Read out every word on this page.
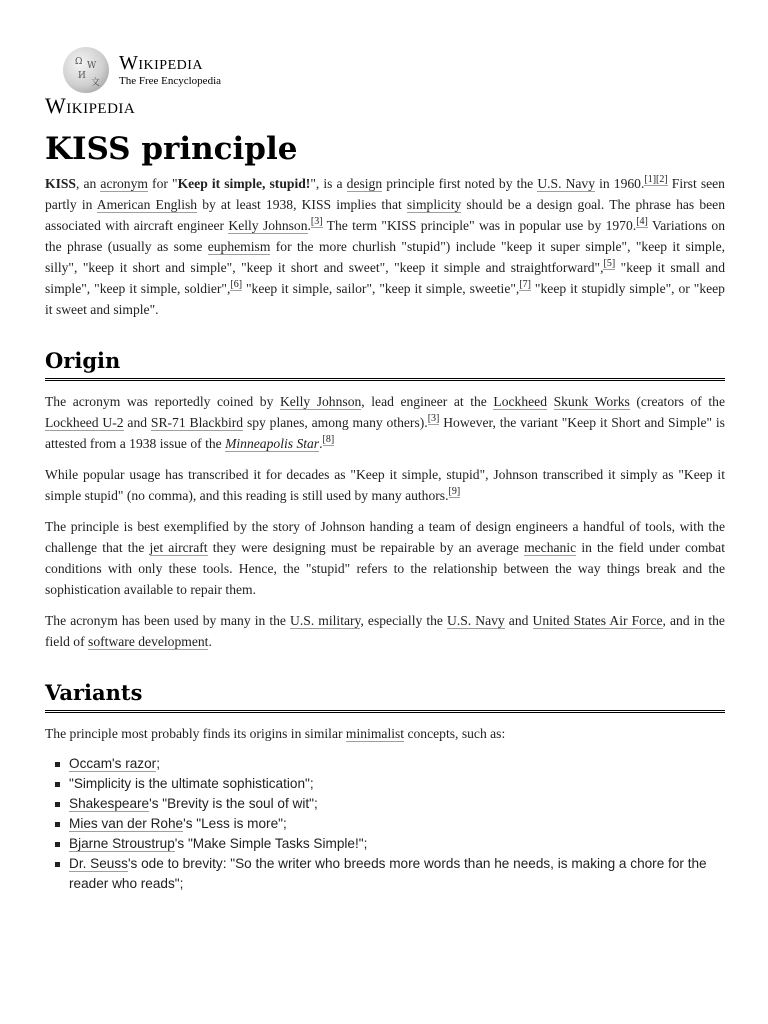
Ω W
И
文
Wikipedia
The Free Encyclopedia
Wikipedia
KISS principle

KISS, an acronym for "Keep it simple, stupid!", is a design principle first noted by the U.S. Navy in 1960.[1][2] First seen partly in American English by at least 1938, KISS implies that simplicity should be a design goal. The phrase has been associated with aircraft engineer Kelly Johnson.[3] The term "KISS principle" was in popular use by 1970.[4] Variations on the phrase (usually as some euphemism for the more churlish "stupid") include "keep it super simple", "keep it simple, silly", "keep it short and simple", "keep it short and sweet", "keep it simple and straightforward",[5] "keep it small and simple", "keep it simple, soldier",[6] "keep it simple, sailor", "keep it simple, sweetie",[7] "keep it stupidly simple", or "keep it sweet and simple".

Origin

The acronym was reportedly coined by Kelly Johnson, lead engineer at the Lockheed Skunk Works (creators of the Lockheed U-2 and SR-71 Blackbird spy planes, among many others).[3] However, the variant "Keep it Short and Simple" is attested from a 1938 issue of the Minneapolis Star.[8]

While popular usage has transcribed it for decades as "Keep it simple, stupid", Johnson transcribed it simply as "Keep it simple stupid" (no comma), and this reading is still used by many authors.[9]

The principle is best exemplified by the story of Johnson handing a team of design engineers a handful of tools, with the challenge that the jet aircraft they were designing must be repairable by an average mechanic in the field under combat conditions with only these tools. Hence, the "stupid" refers to the relationship between the way things break and the sophistication available to repair them.

The acronym has been used by many in the U.S. military, especially the U.S. Navy and United States Air Force, and in the field of software development.

Variants

The principle most probably finds its origins in similar minimalist concepts, such as:

Occam's razor;
"Simplicity is the ultimate sophistication";
Shakespeare's "Brevity is the soul of wit";
Mies van der Rohe's "Less is more";
Bjarne Stroustrup's "Make Simple Tasks Simple!";
Dr. Seuss's ode to brevity: "So the writer who breeds more words than he needs, is making a chore for the reader who reads";
